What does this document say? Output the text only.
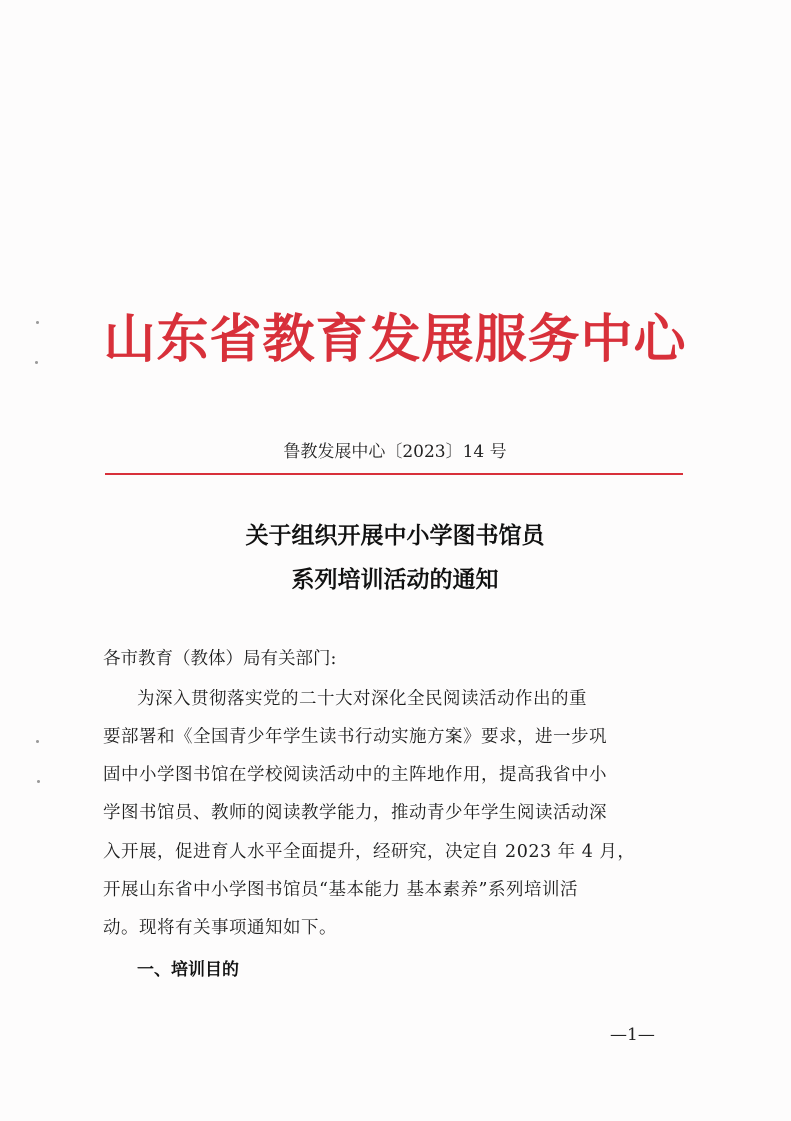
山东省教育发展服务中心
鲁教发展中心〔2023〕14 号
关于组织开展中小学图书馆员
系列培训活动的通知
各市教育（教体）局有关部门:
为深入贯彻落实党的二十大对深化全民阅读活动作出的重
要部署和《全国青少年学生读书行动实施方案》要求，进一步巩
固中小学图书馆在学校阅读活动中的主阵地作用，提高我省中小
学图书馆员、教师的阅读教学能力，推动青少年学生阅读活动深
入开展，促进育人水平全面提升，经研究，决定自 2023 年 4 月，
开展山东省中小学图书馆员“基本能力 基本素养”系列培训活
动。现将有关事项通知如下。
一、培训目的
—1—
